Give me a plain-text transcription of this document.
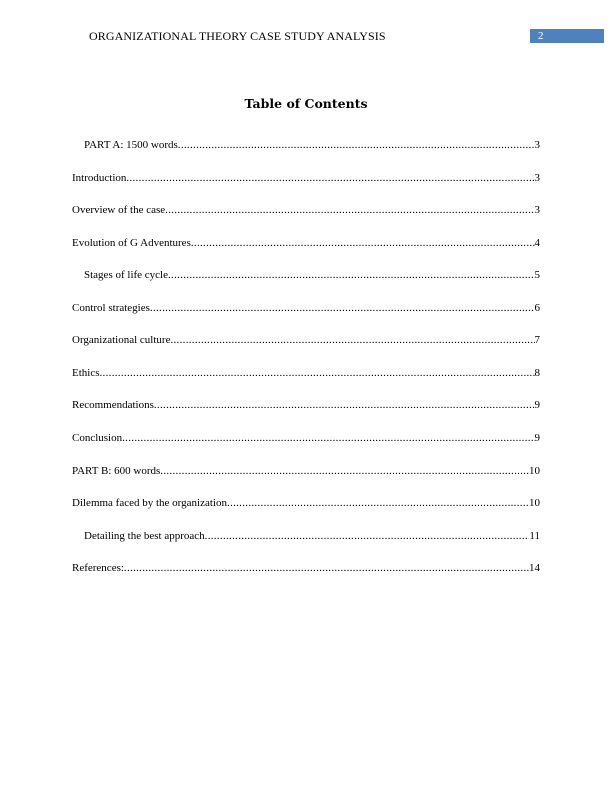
ORGANIZATIONAL THEORY CASE STUDY ANALYSIS	2
Table of Contents
PART A: 1500 words .....	3
Introduction .....	3
Overview of the case .....	3
Evolution of G Adventures .....	4
Stages of life cycle .....	5
Control strategies .....	6
Organizational culture .....	7
Ethics .....	8
Recommendations .....	9
Conclusion .....	9
PART B: 600 words .....	10
Dilemma faced by the organization .....	10
Detailing the best approach .....	11
References: .....	14
